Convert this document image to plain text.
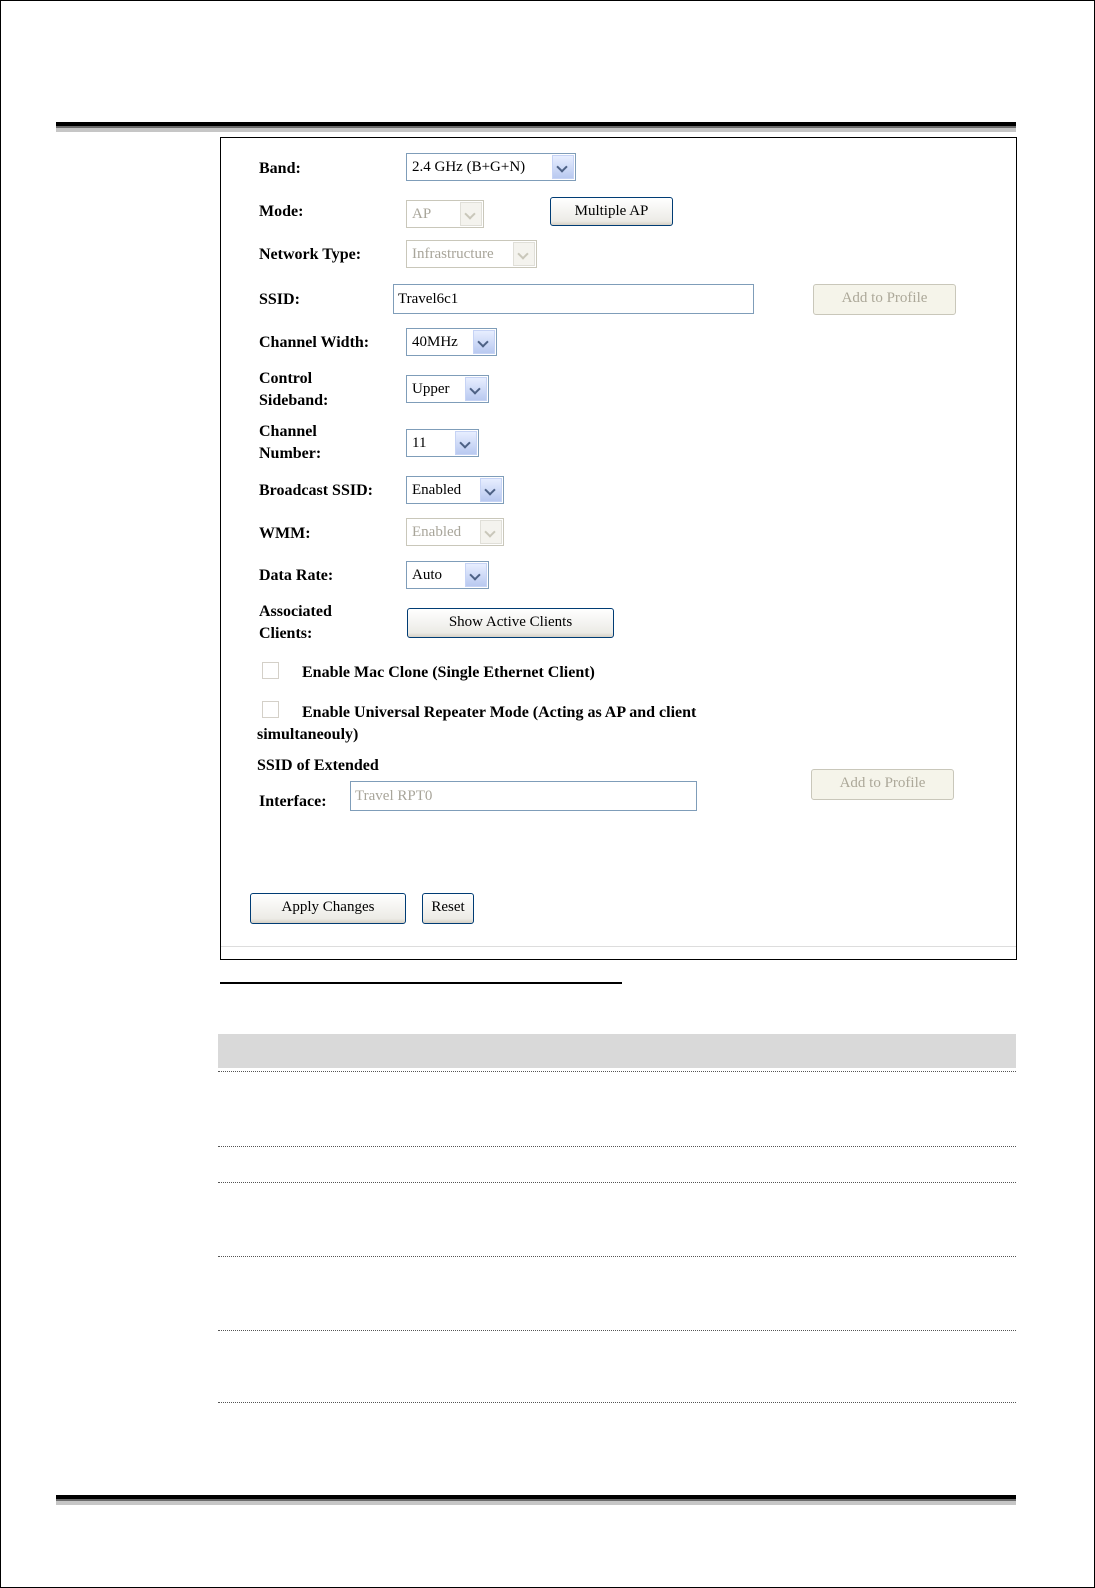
Band:	2.4 GHz (B+G+N)
Mode:	AP	Multiple AP
Network Type:	Infrastructure
SSID:	Travel6c1	Add to Profile
Channel Width:	40MHz
Control
Sideband:
Upper
Channel
Number:
11
Broadcast SSID:	Enabled
WMM:	Enabled
Data Rate:	Auto
Associated
Clients:
Show Active Clients
Enable Mac Clone (Single Ethernet Client)
Enable Universal Repeater Mode (Acting as AP and client
simultaneouly)
SSID of Extended
Interface:	Travel RPT0
Add to Profile
Apply Changes	Reset
